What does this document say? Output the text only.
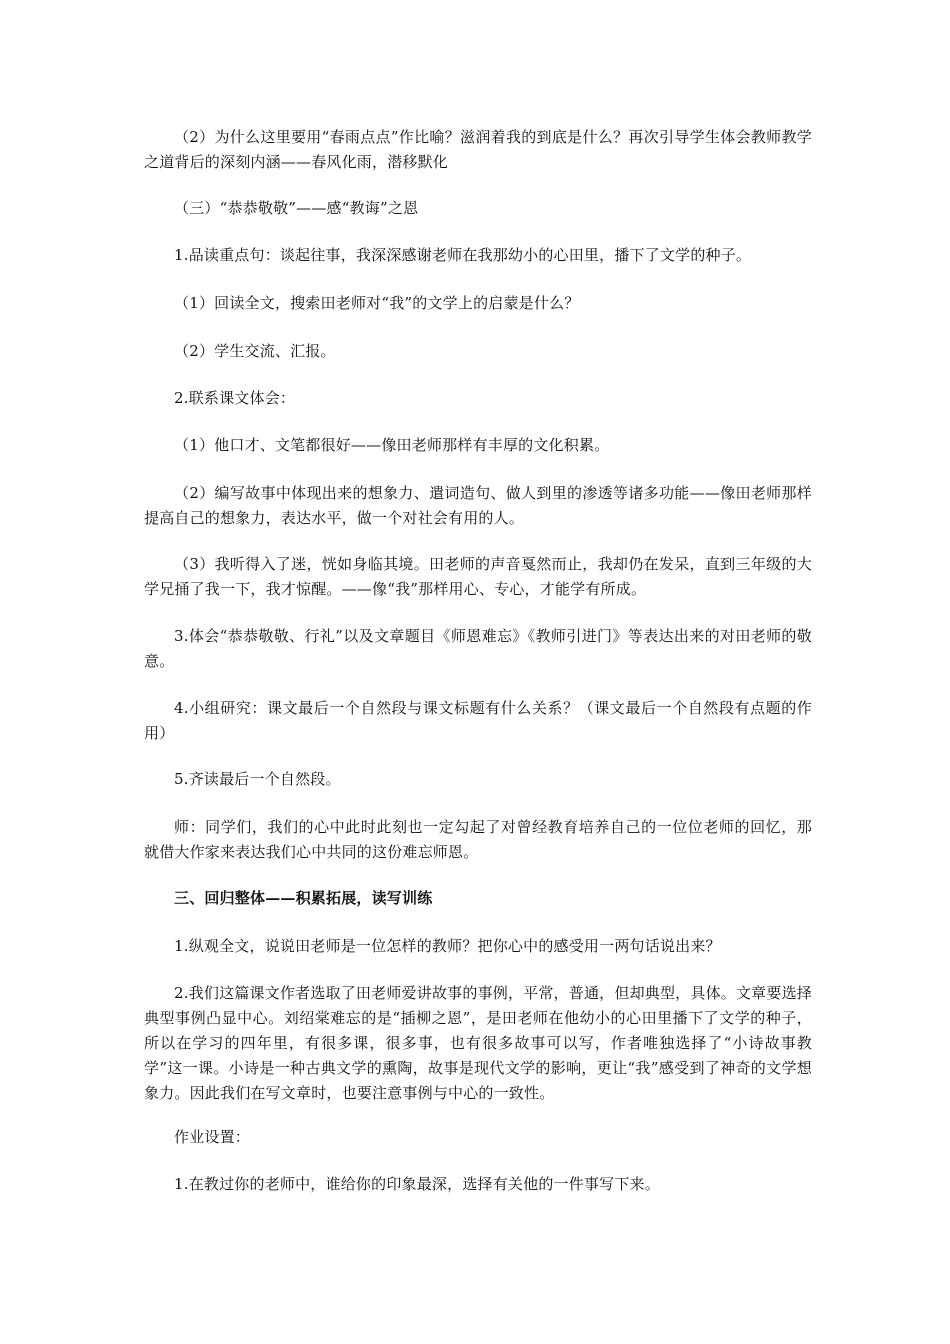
（2）为什么这里要用“春雨点点”作比喻？滋润着我的到底是什么？再次引导学生体会教师教学之道背后的深刻内涵——春风化雨，潜移默化

（三）“恭恭敬敬”——感“教诲”之恩

1.品读重点句：谈起往事，我深深感谢老师在我那幼小的心田里，播下了文学的种子。

（1）回读全文，搜索田老师对“我”的文学上的启蒙是什么？

（2）学生交流、汇报。

2.联系课文体会：

（1）他口才、文笔都很好——像田老师那样有丰厚的文化积累。

（2）编写故事中体现出来的想象力、遣词造句、做人到里的渗透等诸多功能——像田老师那样提高自己的想象力，表达水平，做一个对社会有用的人。

（3）我听得入了迷，恍如身临其境。田老师的声音戛然而止，我却仍在发呆，直到三年级的大学兄捅了我一下，我才惊醒。——像“我”那样用心、专心，才能学有所成。

3.体会“恭恭敬敬、行礼”以及文章题目《师恩难忘》《教师引进门》等表达出来的对田老师的敬意。

4.小组研究：课文最后一个自然段与课文标题有什么关系？（课文最后一个自然段有点题的作用）

5.齐读最后一个自然段。

师：同学们，我们的心中此时此刻也一定勾起了对曾经教育培养自己的一位位老师的回忆，那就借大作家来表达我们心中共同的这份难忘师恩。

三、回归整体——积累拓展，读写训练

1.纵观全文，说说田老师是一位怎样的教师？把你心中的感受用一两句话说出来？

2.我们这篇课文作者选取了田老师爱讲故事的事例，平常，普通，但却典型，具体。文章要选择典型事例凸显中心。刘绍棠难忘的是“插柳之恩”，是田老师在他幼小的心田里播下了文学的种子，所以在学习的四年里，有很多课，很多事，也有很多故事可以写，作者唯独选择了“小诗故事教学”这一课。小诗是一种古典文学的熏陶，故事是现代文学的影响，更让“我”感受到了神奇的文学想象力。因此我们在写文章时，也要注意事例与中心的一致性。

作业设置：

1.在教过你的老师中，谁给你的印象最深，选择有关他的一件事写下来。
